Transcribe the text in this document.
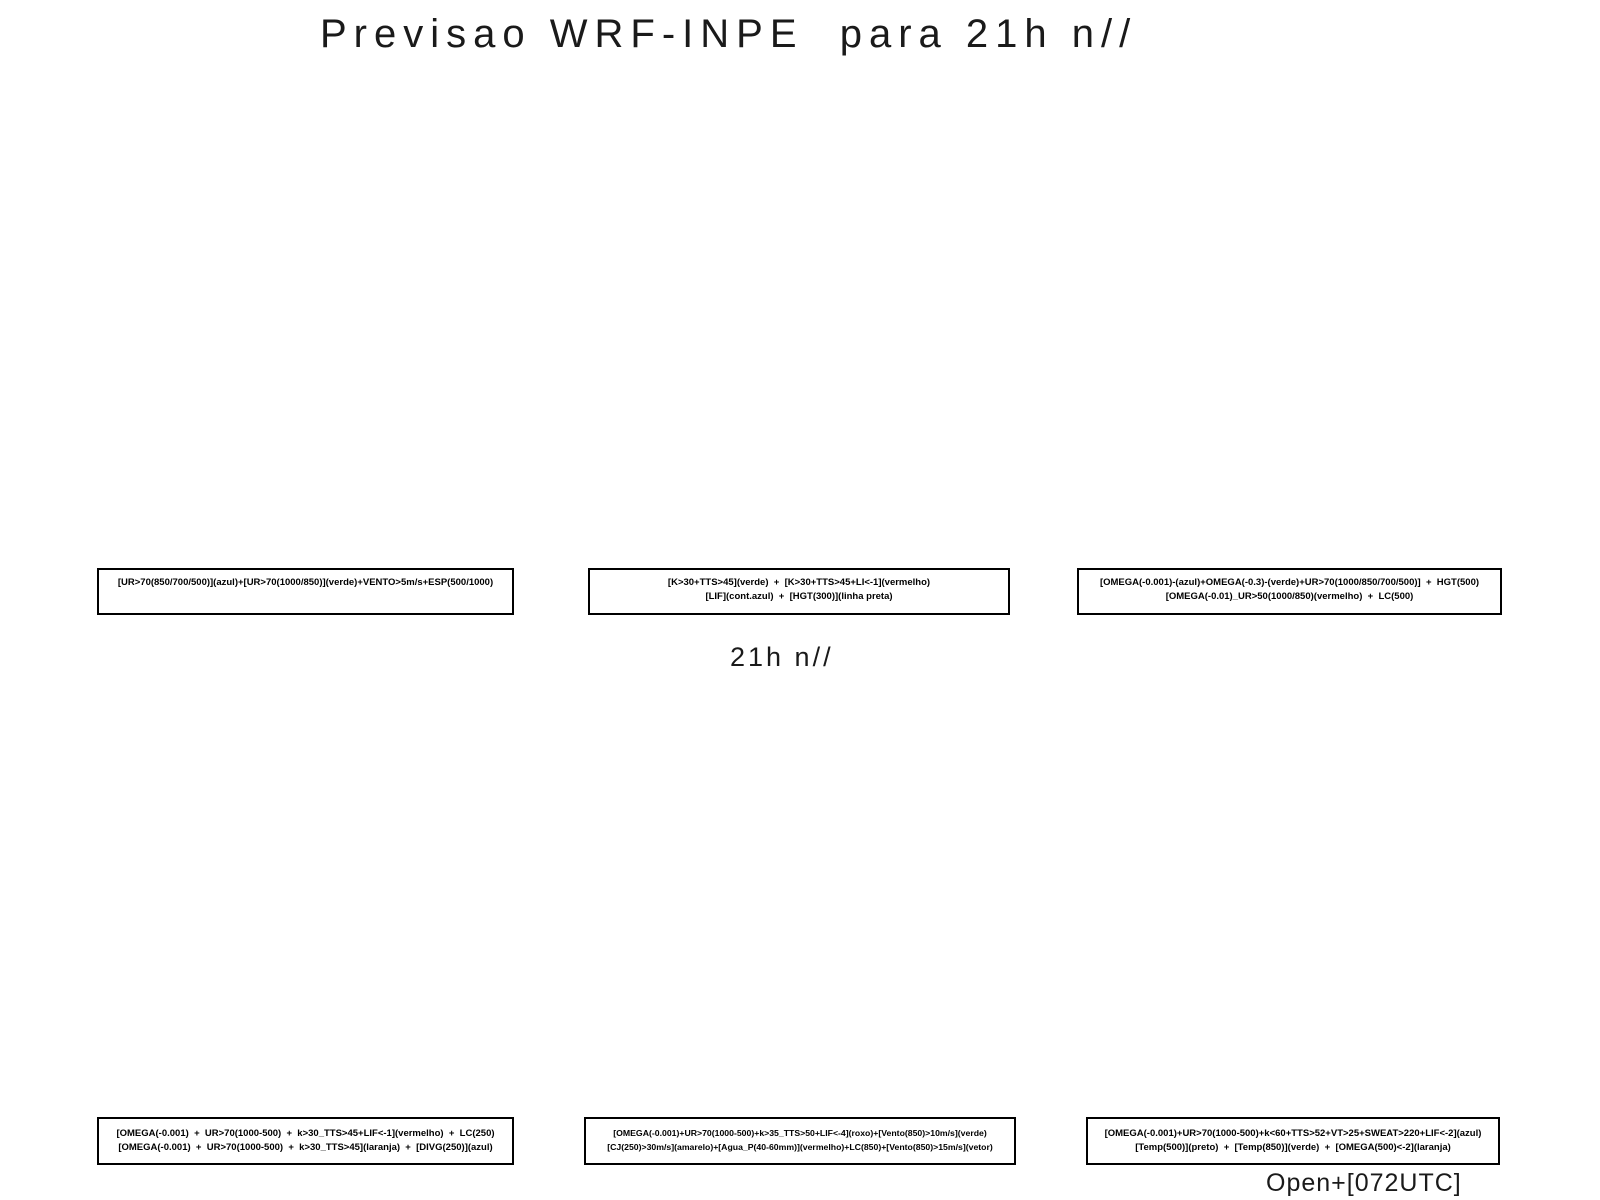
Previsao WRF-INPE  para 21h n//
[UR>70(850/700/500)](azul)+[UR>70(1000/850)](verde)+VENTO>5m/s+ESP(500/1000)	[K>30+TTS>45](verde)  +  [K>30+TTS>45+LI<-1](vermelho)
[LIF](cont.azul)  +  [HGT(300)](linha preta)
[OMEGA(-0.001)-(azul)+OMEGA(-0.3)-(verde)+UR>70(1000/850/700/500)]  +  HGT(500)
[OMEGA(-0.01)_UR>50(1000/850)(vermelho)  +  LC(500)
21h n//
[OMEGA(-0.001)  +  UR>70(1000-500)  +  k>30_TTS>45+LIF<-1](vermelho)  +  LC(250)
[OMEGA(-0.001)  +  UR>70(1000-500)  +  k>30_TTS>45](laranja)  +  [DIVG(250)](azul)
[OMEGA(-0.001)+UR>70(1000-500)+k>35_TTS>50+LIF<-4](roxo)+[Vento(850)>10m/s](verde)
[CJ(250)>30m/s](amarelo)+[Agua_P(40-60mm)](vermelho)+LC(850)+[Vento(850)>15m/s](vetor)
[OMEGA(-0.001)+UR>70(1000-500)+k<60+TTS>52+VT>25+SWEAT>220+LIF<-2](azul)
[Temp(500)](preto)  +  [Temp(850)](verde)  +  [OMEGA(500)<-2](laranja)
Open+[072UTC]
